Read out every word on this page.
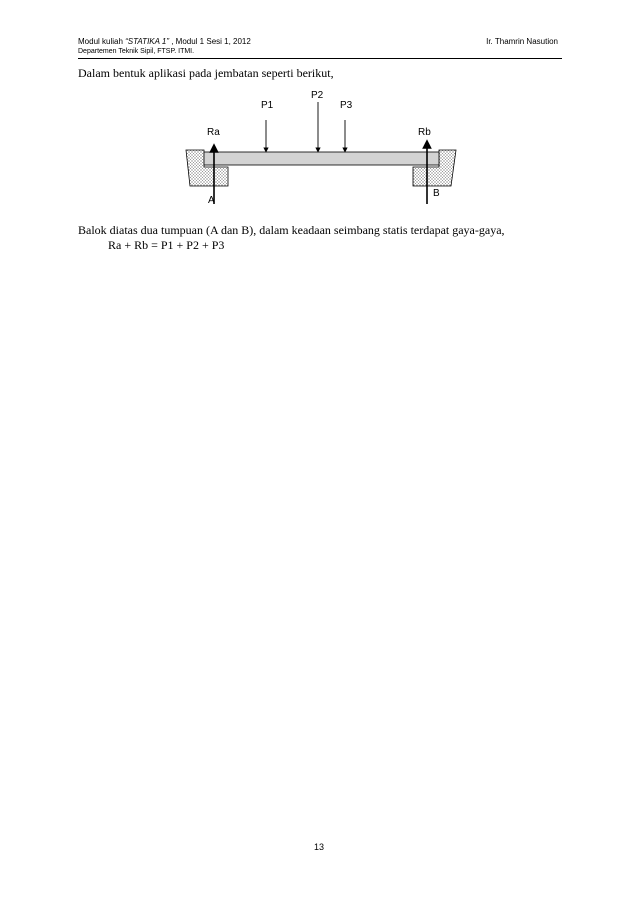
Modul kuliah “STATIKA 1” , Modul 1 Sesi 1, 2012
Departemen Teknik Sipil, FTSP. ITMI.
Ir. Thamrin Nasution
Dalam bentuk aplikasi pada jembatan seperti berikut,
P1
P2
P3
Ra	Rb
A
B
Balok diatas dua tumpuan (A dan B), dalam keadaan seimbang statis terdapat gaya-gaya,
Ra + Rb = P1 + P2 + P3
13
